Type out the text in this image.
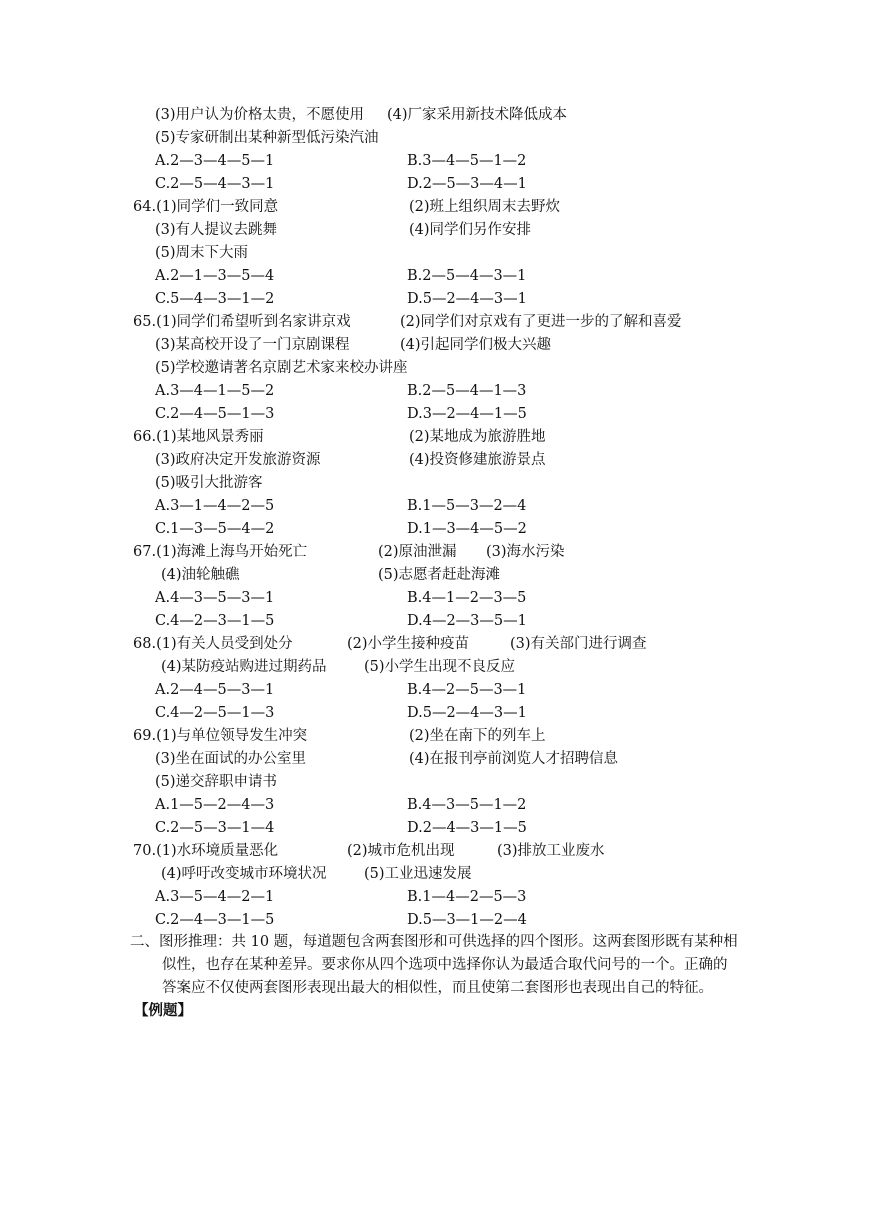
(3)用户认为价格太贵，不愿使用 (4)厂家采用新技术降低成本
(5)专家研制出某种新型低污染汽油
A.2—3—4—5—1	B.3—4—5—1—2
C.2—5—4—3—1	D.2—5—3—4—1
64.(1)同学们一致同意	(2)班上组织周末去野炊
(3)有人提议去跳舞	(4)同学们另作安排
(5)周末下大雨
A.2—1—3—5—4	B.2—5—4—3—1
C.5—4—3—1—2	D.5—2—4—3—1
65.(1)同学们希望听到名家讲京戏	(2)同学们对京戏有了更进一步的了解和喜爱
(3)某高校开设了一门京剧课程	(4)引起同学们极大兴趣
(5)学校邀请著名京剧艺术家来校办讲座
A.3—4—1—5—2	B.2—5—4—1—3
C.2—4—5—1—3	D.3—2—4—1—5
66.(1)某地风景秀丽	(2)某地成为旅游胜地
(3)政府决定开发旅游资源	(4)投资修建旅游景点
(5)吸引大批游客
A.3—1—4—2—5	B.1—5—3—2—4
C.1—3—5—4—2	D.1—3—4—5—2
67.(1)海滩上海鸟开始死亡	(2)原油泄漏 (3)海水污染
(4)油轮触礁	(5)志愿者赶赴海滩
A.4—3—5—3—1	B.4—1—2—3—5
C.4—2—3—1—5	D.4—2—3—5—1
68.(1)有关人员受到处分	(2)小学生接种疫苗	(3)有关部门进行调查
(4)某防疫站购进过期药品	(5)小学生出现不良反应
A.2—4—5—3—1	B.4—2—5—3—1
C.4—2—5—1—3	D.5—2—4—3—1
69.(1)与单位领导发生冲突	(2)坐在南下的列车上
(3)坐在面试的办公室里	(4)在报刊亭前浏览人才招聘信息
(5)递交辞职申请书
A.1—5—2—4—3	B.4—3—5—1—2
C.2—5—3—1—4	D.2—4—3—1—5
70.(1)水环境质量恶化	(2)城市危机出现	(3)排放工业废水
(4)呼吁改变城市环境状况	(5)工业迅速发展
A.3—5—4—2—1	B.1—4—2—5—3
C.2—4—3—1—5	D.5—3—1—2—4
二、图形推理：共 10 题，每道题包含两套图形和可供选择的四个图形。这两套图形既有某种相
似性，也存在某种差异。要求你从四个选项中选择你认为最适合取代问号的一个。正确的
答案应不仅使两套图形表现出最大的相似性，而且使第二套图形也表现出自己的特征。
【例题】
